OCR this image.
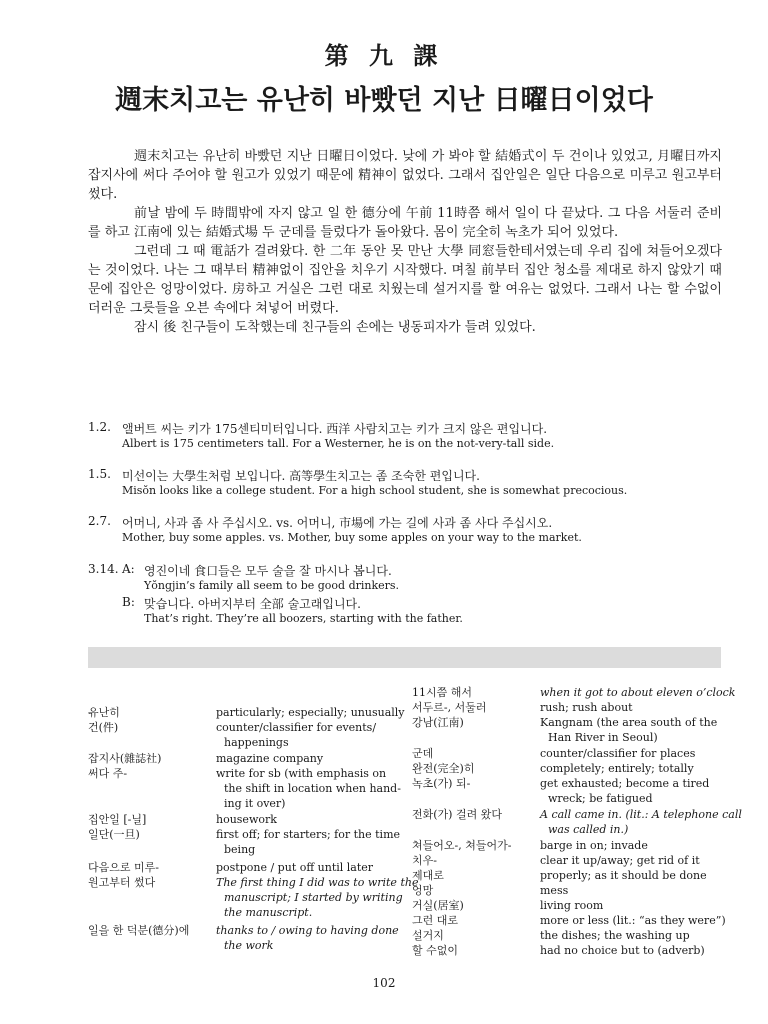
第 九 課
週末치고는 유난히 바빴던 지난 日曜日이었다

週末치고는 유난히 바빴던 지난 日曜日이었다. 낮에 가 봐야 할 結婚式이 두 건이나 있었고, 月曜日까지 잡지사에 써다 주어야 할 원고가 있었기 때문에 精神이 없었다. 그래서 집안일은 일단 다음으로 미루고 원고부터 썼다.

前날 밤에 두 時間밖에 자지 않고 일 한 德分에 午前 11時쯤 해서 일이 다 끝났다. 그 다음 서둘러 준비를 하고 江南에 있는 結婚式場 두 군데를 들렀다가 돌아왔다. 몸이 完全히 녹초가 되어 있었다.

그런데 그 때 電話가 걸려왔다. 한 二年 동안 못 만난 大學 同窓들한테서였는데 우리 집에 쳐들어오겠다는 것이었다. 나는 그 때부터 精神없이 집안을 치우기 시작했다. 며칠 前부터 집안 청소를 제대로 하지 않았기 때문에 집안은 엉망이었다. 房하고 거실은 그런 대로 치웠는데 설거지를 할 여유는 없었다. 그래서 나는 할 수없이 더러운 그릇들을 오븐 속에다 쳐넣어 버렸다.

잠시 後 친구들이 도착했는데 친구들의 손에는 냉동피자가 들려 있었다.

1.2. 앨버트 씨는 키가 175센티미터입니다. 西洋 사람치고는 키가 크지 않은 편입니다.
Albert is 175 centimeters tall. For a Westerner, he is on the not-very-tall side.
1.5. 미선이는 大學生처럼 보입니다. 高等學生치고는 좀 조숙한 편입니다.
Misŏn looks like a college student. For a high school student, she is somewhat precocious.
2.7. 어머니, 사과 좀 사 주십시오. vs. 어머니, 市場에 가는 길에 사과 좀 사다 주십시오.
Mother, buy some apples. vs. Mother, buy some apples on your way to the market.
3.14. A: 영진이네 食口들은 모두 술을 잘 마시나 봅니다.
Yŏngjin’s family all seem to be good drinkers.
B: 맞습니다. 아버지부터 全部 술고래입니다.
That’s right. They’re all boozers, starting with the father.
유난히	particularly; especially; unusually
건(件)	counter/classifier for events/
happenings
잡지사(雜誌社)	magazine company
써다 주-	write for sb (with emphasis on
the shift in location when hand-
ing it over)
집안일 [-닐]	housework
일단(一旦)	first off; for starters; for the time
being
다음으로 미루-	postpone / put off until later
원고부터 썼다	The first thing I did was to write the
manuscript; I started by writing
the manuscript.
일을 한 덕분(德分)에 thanks to / owing to having done
the work
11시쯤 해서	when it got to about eleven o’clock
서두르-, 서둘러	rush; rush about
강남(江南)	Kangnam (the area south of the
Han River in Seoul)
군데	counter/classifier for places
완전(完全)히	completely; entirely; totally
녹초(가) 되-	get exhausted; become a tired
wreck; be fatigued
전화(가) 걸려 왔다	A call came in. (lit.: A telephone call
was called in.)
쳐들어오-, 쳐들어가-	barge in on; invade
치우-	clear it up/away; get rid of it
제대로	properly; as it should be done
엉망	mess
거실(居室)	living room
그런 대로	more or less (lit.: “as they were”)
설거지	the dishes; the washing up
할 수없이	had no choice but to (adverb)
102
